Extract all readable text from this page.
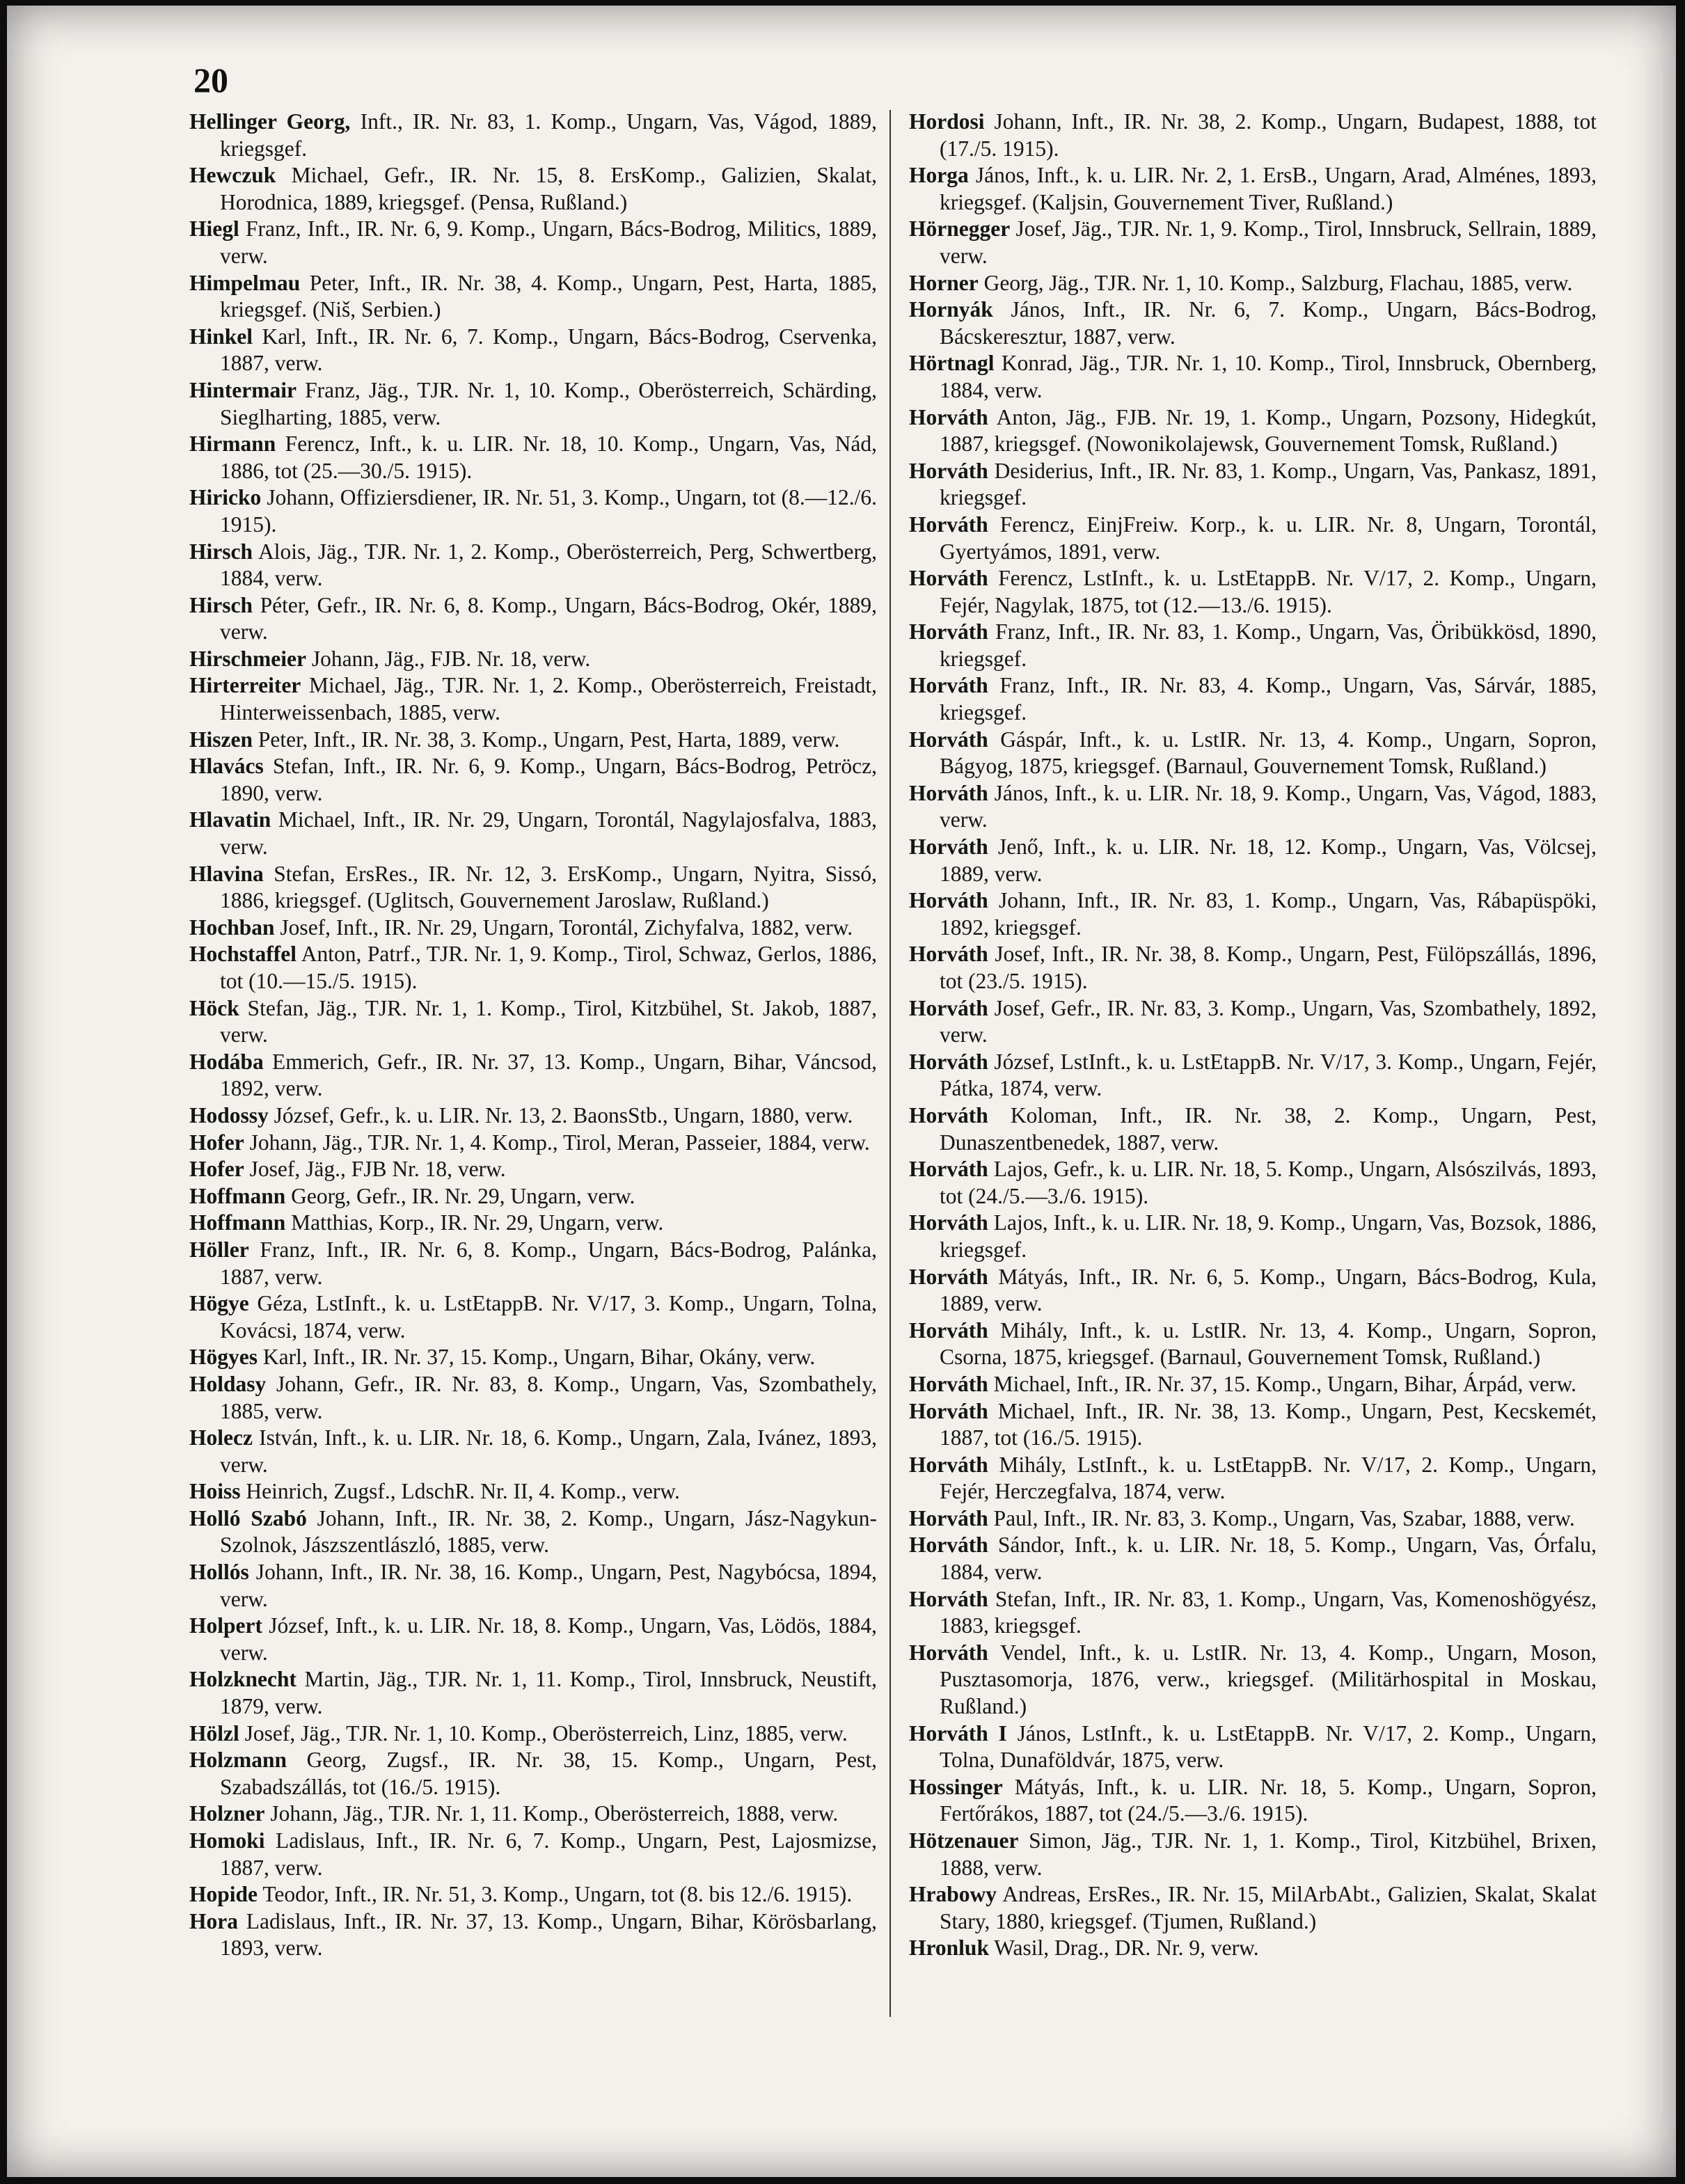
20

Hellinger Georg, Inft., IR. Nr. 83, 1. Komp., Ungarn, Vas, Vágod, 1889, kriegsgef.

Hewczuk Michael, Gefr., IR. Nr. 15, 8. ErsKomp., Galizien, Skalat, Horodnica, 1889, kriegsgef. (Pensa, Rußland.)

Hiegl Franz, Inft., IR. Nr. 6, 9. Komp., Ungarn, Bács-Bodrog, Militics, 1889, verw.

Himpelmau Peter, Inft., IR. Nr. 38, 4. Komp., Ungarn, Pest, Harta, 1885, kriegsgef. (Niš, Serbien.)

Hinkel Karl, Inft., IR. Nr. 6, 7. Komp., Ungarn, Bács-Bodrog, Cservenka, 1887, verw.

Hintermair Franz, Jäg., TJR. Nr. 1, 10. Komp., Oberösterreich, Schärding, Sieglharting, 1885, verw.

Hirmann Ferencz, Inft., k. u. LIR. Nr. 18, 10. Komp., Ungarn, Vas, Nád, 1886, tot (25.—30./5. 1915).

Hiricko Johann, Offiziersdiener, IR. Nr. 51, 3. Komp., Ungarn, tot (8.—12./6. 1915).

Hirsch Alois, Jäg., TJR. Nr. 1, 2. Komp., Oberösterreich, Perg, Schwertberg, 1884, verw.

Hirsch Péter, Gefr., IR. Nr. 6, 8. Komp., Ungarn, Bács-Bodrog, Okér, 1889, verw.

Hirschmeier Johann, Jäg., FJB. Nr. 18, verw.

Hirterreiter Michael, Jäg., TJR. Nr. 1, 2. Komp., Oberösterreich, Freistadt, Hinterweissenbach, 1885, verw.

Hiszen Peter, Inft., IR. Nr. 38, 3. Komp., Ungarn, Pest, Harta, 1889, verw.

Hlavács Stefan, Inft., IR. Nr. 6, 9. Komp., Ungarn, Bács-Bodrog, Petröcz, 1890, verw.

Hlavatin Michael, Inft., IR. Nr. 29, Ungarn, Torontál, Nagylajosfalva, 1883, verw.

Hlavina Stefan, ErsRes., IR. Nr. 12, 3. ErsKomp., Ungarn, Nyitra, Sissó, 1886, kriegsgef. (Uglitsch, Gouvernement Jaroslaw, Rußland.)

Hochban Josef, Inft., IR. Nr. 29, Ungarn, Torontál, Zichyfalva, 1882, verw.

Hochstaffel Anton, Patrf., TJR. Nr. 1, 9. Komp., Tirol, Schwaz, Gerlos, 1886, tot (10.—15./5. 1915).

Höck Stefan, Jäg., TJR. Nr. 1, 1. Komp., Tirol, Kitzbühel, St. Jakob, 1887, verw.

Hodába Emmerich, Gefr., IR. Nr. 37, 13. Komp., Ungarn, Bihar, Váncsod, 1892, verw.

Hodossy József, Gefr., k. u. LIR. Nr. 13, 2. BaonsStb., Ungarn, 1880, verw.

Hofer Johann, Jäg., TJR. Nr. 1, 4. Komp., Tirol, Meran, Passeier, 1884, verw.

Hofer Josef, Jäg., FJB Nr. 18, verw.

Hoffmann Georg, Gefr., IR. Nr. 29, Ungarn, verw.

Hoffmann Matthias, Korp., IR. Nr. 29, Ungarn, verw.

Höller Franz, Inft., IR. Nr. 6, 8. Komp., Ungarn, Bács-Bodrog, Palánka, 1887, verw.

Högye Géza, LstInft., k. u. LstEtappB. Nr. V/17, 3. Komp., Ungarn, Tolna, Kovácsi, 1874, verw.

Högyes Karl, Inft., IR. Nr. 37, 15. Komp., Ungarn, Bihar, Okány, verw.

Holdasy Johann, Gefr., IR. Nr. 83, 8. Komp., Ungarn, Vas, Szombathely, 1885, verw.

Holecz István, Inft., k. u. LIR. Nr. 18, 6. Komp., Ungarn, Zala, Ivánez, 1893, verw.

Hoiss Heinrich, Zugsf., LdschR. Nr. II, 4. Komp., verw.

Holló Szabó Johann, Inft., IR. Nr. 38, 2. Komp., Ungarn, Jász-Nagykun-Szolnok, Jászszentlászló, 1885, verw.

Hollós Johann, Inft., IR. Nr. 38, 16. Komp., Ungarn, Pest, Nagybócsa, 1894, verw.

Holpert József, Inft., k. u. LIR. Nr. 18, 8. Komp., Ungarn, Vas, Lödös, 1884, verw.

Holzknecht Martin, Jäg., TJR. Nr. 1, 11. Komp., Tirol, Innsbruck, Neustift, 1879, verw.

Hölzl Josef, Jäg., TJR. Nr. 1, 10. Komp., Oberösterreich, Linz, 1885, verw.

Holzmann Georg, Zugsf., IR. Nr. 38, 15. Komp., Ungarn, Pest, Szabadszállás, tot (16./5. 1915).

Holzner Johann, Jäg., TJR. Nr. 1, 11. Komp., Oberösterreich, 1888, verw.

Homoki Ladislaus, Inft., IR. Nr. 6, 7. Komp., Ungarn, Pest, Lajosmizse, 1887, verw.

Hopide Teodor, Inft., IR. Nr. 51, 3. Komp., Ungarn, tot (8. bis 12./6. 1915).

Hora Ladislaus, Inft., IR. Nr. 37, 13. Komp., Ungarn, Bihar, Körösbarlang, 1893, verw.

Hordosi Johann, Inft., IR. Nr. 38, 2. Komp., Ungarn, Budapest, 1888, tot (17./5. 1915).

Horga János, Inft., k. u. LIR. Nr. 2, 1. ErsB., Ungarn, Arad, Alménes, 1893, kriegsgef. (Kaljsin, Gouvernement Tiver, Rußland.)

Hörnegger Josef, Jäg., TJR. Nr. 1, 9. Komp., Tirol, Innsbruck, Sellrain, 1889, verw.

Horner Georg, Jäg., TJR. Nr. 1, 10. Komp., Salzburg, Flachau, 1885, verw.

Hornyák János, Inft., IR. Nr. 6, 7. Komp., Ungarn, Bács-Bodrog, Bácskeresztur, 1887, verw.

Hörtnagl Konrad, Jäg., TJR. Nr. 1, 10. Komp., Tirol, Innsbruck, Obernberg, 1884, verw.

Horváth Anton, Jäg., FJB. Nr. 19, 1. Komp., Ungarn, Pozsony, Hidegkút, 1887, kriegsgef. (Nowonikolajewsk, Gouvernement Tomsk, Rußland.)

Horváth Desiderius, Inft., IR. Nr. 83, 1. Komp., Ungarn, Vas, Pankasz, 1891, kriegsgef.

Horváth Ferencz, EinjFreiw. Korp., k. u. LIR. Nr. 8, Ungarn, Torontál, Gyertyámos, 1891, verw.

Horváth Ferencz, LstInft., k. u. LstEtappB. Nr. V/17, 2. Komp., Ungarn, Fejér, Nagylak, 1875, tot (12.—13./6. 1915).

Horváth Franz, Inft., IR. Nr. 83, 1. Komp., Ungarn, Vas, Öribükkösd, 1890, kriegsgef.

Horváth Franz, Inft., IR. Nr. 83, 4. Komp., Ungarn, Vas, Sárvár, 1885, kriegsgef.

Horváth Gáspár, Inft., k. u. LstIR. Nr. 13, 4. Komp., Ungarn, Sopron, Bágyog, 1875, kriegsgef. (Barnaul, Gouvernement Tomsk, Rußland.)

Horváth János, Inft., k. u. LIR. Nr. 18, 9. Komp., Ungarn, Vas, Vágod, 1883, verw.

Horváth Jenő, Inft., k. u. LIR. Nr. 18, 12. Komp., Ungarn, Vas, Völcsej, 1889, verw.

Horváth Johann, Inft., IR. Nr. 83, 1. Komp., Ungarn, Vas, Rábapüspöki, 1892, kriegsgef.

Horváth Josef, Inft., IR. Nr. 38, 8. Komp., Ungarn, Pest, Fülöpszállás, 1896, tot (23./5. 1915).

Horváth Josef, Gefr., IR. Nr. 83, 3. Komp., Ungarn, Vas, Szombathely, 1892, verw.

Horváth József, LstInft., k. u. LstEtappB. Nr. V/17, 3. Komp., Ungarn, Fejér, Pátka, 1874, verw.

Horváth Koloman, Inft., IR. Nr. 38, 2. Komp., Ungarn, Pest, Dunaszentbenedek, 1887, verw.

Horváth Lajos, Gefr., k. u. LIR. Nr. 18, 5. Komp., Ungarn, Alsószilvás, 1893, tot (24./5.—3./6. 1915).

Horváth Lajos, Inft., k. u. LIR. Nr. 18, 9. Komp., Ungarn, Vas, Bozsok, 1886, kriegsgef.

Horváth Mátyás, Inft., IR. Nr. 6, 5. Komp., Ungarn, Bács-Bodrog, Kula, 1889, verw.

Horváth Mihály, Inft., k. u. LstIR. Nr. 13, 4. Komp., Ungarn, Sopron, Csorna, 1875, kriegsgef. (Barnaul, Gouvernement Tomsk, Rußland.)

Horváth Michael, Inft., IR. Nr. 37, 15. Komp., Ungarn, Bihar, Árpád, verw.

Horváth Michael, Inft., IR. Nr. 38, 13. Komp., Ungarn, Pest, Kecskemét, 1887, tot (16./5. 1915).

Horváth Mihály, LstInft., k. u. LstEtappB. Nr. V/17, 2. Komp., Ungarn, Fejér, Herczegfalva, 1874, verw.

Horváth Paul, Inft., IR. Nr. 83, 3. Komp., Ungarn, Vas, Szabar, 1888, verw.

Horváth Sándor, Inft., k. u. LIR. Nr. 18, 5. Komp., Ungarn, Vas, Órfalu, 1884, verw.

Horváth Stefan, Inft., IR. Nr. 83, 1. Komp., Ungarn, Vas, Komenoshögyész, 1883, kriegsgef.

Horváth Vendel, Inft., k. u. LstIR. Nr. 13, 4. Komp., Ungarn, Moson, Pusztasomorja, 1876, verw., kriegsgef. (Militärhospital in Moskau, Rußland.)

Horváth I János, LstInft., k. u. LstEtappB. Nr. V/17, 2. Komp., Ungarn, Tolna, Dunaföldvár, 1875, verw.

Hossinger Mátyás, Inft., k. u. LIR. Nr. 18, 5. Komp., Ungarn, Sopron, Fertőrákos, 1887, tot (24./5.—3./6. 1915).

Hötzenauer Simon, Jäg., TJR. Nr. 1, 1. Komp., Tirol, Kitzbühel, Brixen, 1888, verw.

Hrabowy Andreas, ErsRes., IR. Nr. 15, MilArbAbt., Galizien, Skalat, Skalat Stary, 1880, kriegsgef. (Tjumen, Rußland.)

Hronluk Wasil, Drag., DR. Nr. 9, verw.
